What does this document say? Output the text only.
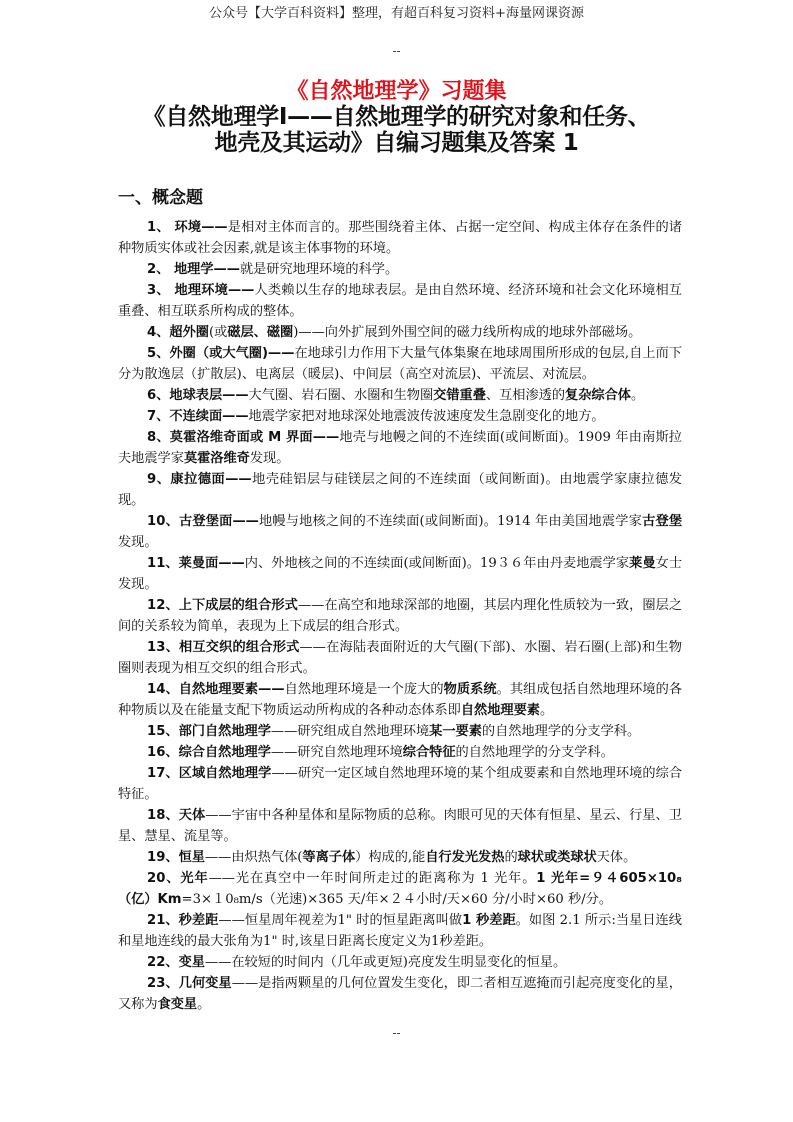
公众号【大学百科资料】整理，有超百科复习资料+海量网课资源
--
《自然地理学》习题集
《自然地理学Ⅰ——自然地理学的研究对象和任务、
地壳及其运动》自编习题集及答案 1
一、概念题

1、 环境——是相对主体而言的。那些围绕着主体、占据一定空间、构成主体存在条件的诸种物质实体或社会因素,就是该主体事物的环境。

2、 地理学——就是研究地理环境的科学。

3、 地理环境——人类赖以生存的地球表层。是由自然环境、经济环境和社会文化环境相互重叠、相互联系所构成的整体。

4、超外圈(或磁层、磁圈)——向外扩展到外围空间的磁力线所构成的地球外部磁场。

5、外圈（或大气圈)——在地球引力作用下大量气体集聚在地球周围所形成的包层,自上而下分为散逸层（扩散层)、电离层（暖层)、中间层（高空对流层)、平流层、对流层。

6、地球表层——大气圈、岩石圈、水圈和生物圈交错重叠、互相渗透的复杂综合体。

7、不连续面——地震学家把对地球深处地震波传波速度发生急剧变化的地方。

8、莫霍洛维奇面或 M 界面——地壳与地幔之间的不连续面(或间断面)。1909 年由南斯拉夫地震学家莫霍洛维奇发现。

9、康拉德面——地壳硅铝层与硅镁层之间的不连续面（或间断面)。由地震学家康拉德发现。

10、古登堡面——地幔与地核之间的不连续面(或间断面)。1914 年由美国地震学家古登堡发现。

11、莱曼面——内、外地核之间的不连续面(或间断面)。19３６年由丹麦地震学家莱曼女士发现。

12、上下成层的组合形式——在高空和地球深部的地圈，其层内理化性质较为一致，圈层之间的关系较为简单，表现为上下成层的组合形式。

13、相互交织的组合形式——在海陆表面附近的大气圈(下部)、水圈、岩石圈(上部)和生物圈则表现为相互交织的组合形式。

14、自然地理要素——自然地理环境是一个庞大的物质系统。其组成包括自然地理环境的各种物质以及在能量支配下物质运动所构成的各种动态体系即自然地理要素。

15、部门自然地理学——研究组成自然地理环境某一要素的自然地理学的分支学科。

16、综合自然地理学——研究自然地理环境综合特征的自然地理学的分支学科。

17、区域自然地理学——研究一定区域自然地理环境的某个组成要素和自然地理环境的综合特征。

18、天体——宇宙中各种星体和星际物质的总称。肉眼可见的天体有恒星、星云、行星、卫星、慧星、流星等。

19、恒星——由炽热气体(等离子体）构成的,能自行发光发热的球状或类球状天体。

20、光年——光在真空中一年时间所走过的距离称为 1 光年。1 光年=９４605×10₈（亿）Km=3×１0₈m/s（光速)×365 天/年×２４小时/天×60 分/小时×60 秒/分。

21、秒差距——恒星周年视差为1" 时的恒星距离叫做1 秒差距。如图 2.1 所示:当星日连线和星地连线的最大张角为1" 时,该星日距离长度定义为1秒差距。

22、变星——在较短的时间内（几年或更短)亮度发生明显变化的恒星。

23、几何变星——是指两颗星的几何位置发生变化，即二者相互遮掩而引起亮度变化的星，又称为食变星。

--
